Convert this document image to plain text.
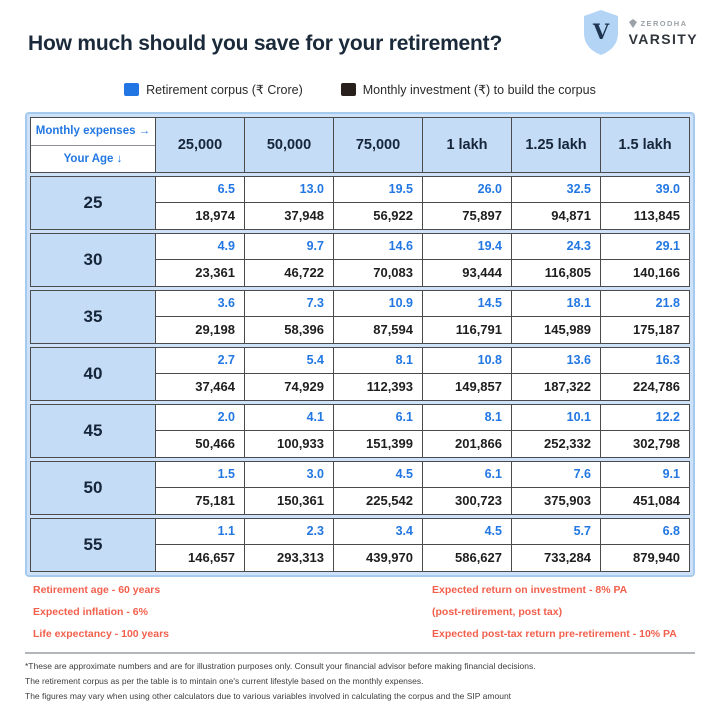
How much should you save for your retirement?	V	ZERODHA
VARSITY
Retirement corpus (₹ Crore)	Monthly investment (₹) to build the corpus
Monthly expenses →
Your Age ↓
25,000	50,000	75,000	1 lakh	1.25 lakh	1.5 lakh
25
6.5	13.0	19.5	26.0	32.5	39.0
18,974	37,948	56,922	75,897	94,871	113,845
30
4.9	9.7	14.6	19.4	24.3	29.1
23,361	46,722	70,083	93,444	116,805	140,166
35
3.6	7.3	10.9	14.5	18.1	21.8
29,198	58,396	87,594	116,791	145,989	175,187
40
2.7	5.4	8.1	10.8	13.6	16.3
37,464	74,929	112,393	149,857	187,322	224,786
45
2.0	4.1	6.1	8.1	10.1	12.2
50,466	100,933	151,399	201,866	252,332	302,798
50
1.5	3.0	4.5	6.1	7.6	9.1
75,181	150,361	225,542	300,723	375,903	451,084
55
1.1	2.3	3.4	4.5	5.7	6.8
146,657	293,313	439,970	586,627	733,284	879,940
Retirement age - 60 years
Expected inflation - 6%
Life expectancy - 100 years
Expected return on investment - 8% PA
(post-retirement, post tax)
Expected post-tax return pre-retirement - 10% PA
*These are approximate numbers and are for illustration purposes only. Consult your financial advisor before making financial decisions.
The retirement corpus as per the table is to mintain one's current lifestyle based on the monthly expenses.
The figures may vary when using other calculators due to various variables involved in calculating the corpus and the SIP amount
